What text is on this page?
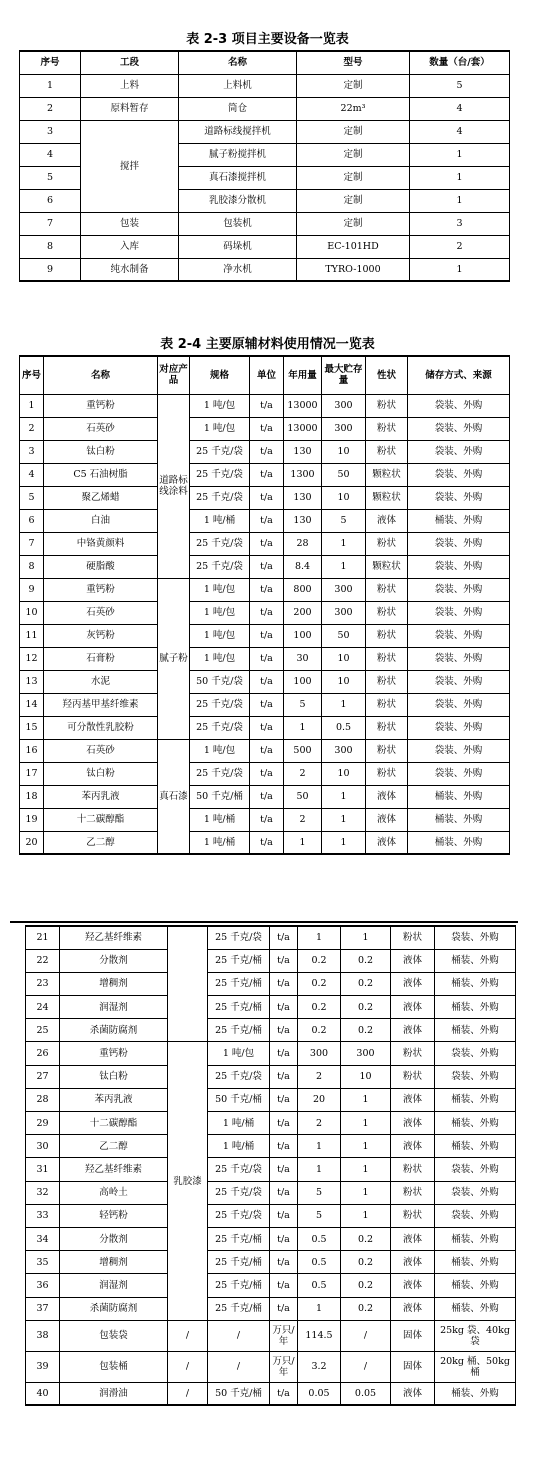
表 2-3 项目主要设备一览表
序号	工段	名称	型号	数量（台/套）
1	上料	上料机	定制	5
2	原料暂存	筒仓	22m³	4
3	搅拌	道路标线搅拌机	定制	4
4		腻子粉搅拌机	定制	1
5		真石漆搅拌机	定制	1
6		乳胶漆分散机	定制	1
7	包装	包装机	定制	3
8	入库	码垛机	EC-101HD	2
9	纯水制备	净水机	TYRO-1000	1
表 2-4 主要原辅材料使用情况一览表
序号	名称	对应产品	规格	单位	年用量	最大贮存量	性状	储存方式、来源
1	重钙粉	道路标线涂料	1 吨/包	t/a	13000	300	粉状	袋装、外购
2	石英砂		1 吨/包	t/a	13000	300	粉状	袋装、外购
3	钛白粉		25 千克/袋	t/a	130	10	粉状	袋装、外购
4	C5 石油树脂		25 千克/袋	t/a	1300	50	颗粒状	袋装、外购
5	聚乙烯蜡		25 千克/袋	t/a	130	10	颗粒状	袋装、外购
6	白油		1 吨/桶	t/a	130	5	液体	桶装、外购
7	中铬黄颜料		25 千克/袋	t/a	28	1	粉状	袋装、外购
8	硬脂酸		25 千克/袋	t/a	8.4	1	颗粒状	袋装、外购
9	重钙粉	腻子粉	1 吨/包	t/a	800	300	粉状	袋装、外购
10	石英砂		1 吨/包	t/a	200	300	粉状	袋装、外购
11	灰钙粉		1 吨/包	t/a	100	50	粉状	袋装、外购
12	石膏粉		1 吨/包	t/a	30	10	粉状	袋装、外购
13	水泥		50 千克/袋	t/a	100	10	粉状	袋装、外购
14	羟丙基甲基纤维素		25 千克/袋	t/a	5	1	粉状	袋装、外购
15	可分散性乳胶粉		25 千克/袋	t/a	1	0.5	粉状	袋装、外购
16	石英砂	真石漆	1 吨/包	t/a	500	300	粉状	袋装、外购
17	钛白粉		25 千克/袋	t/a	2	10	粉状	袋装、外购
18	苯丙乳液		50 千克/桶	t/a	50	1	液体	桶装、外购
19	十二碳醇酯		1 吨/桶	t/a	2	1	液体	桶装、外购
20	乙二醇		1 吨/桶	t/a	1	1	液体	桶装、外购
21	羟乙基纤维素		25 千克/袋	t/a	1	1	粉状	袋装、外购
22	分散剂		25 千克/桶	t/a	0.2	0.2	液体	桶装、外购
23	增稠剂		25 千克/桶	t/a	0.2	0.2	液体	桶装、外购
24	润湿剂		25 千克/桶	t/a	0.2	0.2	液体	桶装、外购
25	杀菌防腐剂		25 千克/桶	t/a	0.2	0.2	液体	桶装、外购
26	重钙粉	乳胶漆	1 吨/包	t/a	300	300	粉状	袋装、外购
27	钛白粉		25 千克/袋	t/a	2	10	粉状	袋装、外购
28	苯丙乳液		50 千克/桶	t/a	20	1	液体	桶装、外购
29	十二碳醇酯		1 吨/桶	t/a	2	1	液体	桶装、外购
30	乙二醇		1 吨/桶	t/a	1	1	液体	桶装、外购
31	羟乙基纤维素		25 千克/袋	t/a	1	1	粉状	袋装、外购
32	高岭土		25 千克/袋	t/a	5	1	粉状	袋装、外购
33	轻钙粉		25 千克/袋	t/a	5	1	粉状	袋装、外购
34	分散剂		25 千克/桶	t/a	0.5	0.2	液体	桶装、外购
35	增稠剂		25 千克/桶	t/a	0.5	0.2	液体	桶装、外购
36	润湿剂		25 千克/桶	t/a	0.5	0.2	液体	桶装、外购
37	杀菌防腐剂		25 千克/桶	t/a	1	0.2	液体	桶装、外购
38	包装袋	/	/	万只/年	114.5	/	固体	25kg 袋、40kg 袋
39	包装桶	/	/	万只/年	3.2	/	固体	20kg 桶、50kg 桶
40	润滑油	/	50 千克/桶	t/a	0.05	0.05	液体	桶装、外购
